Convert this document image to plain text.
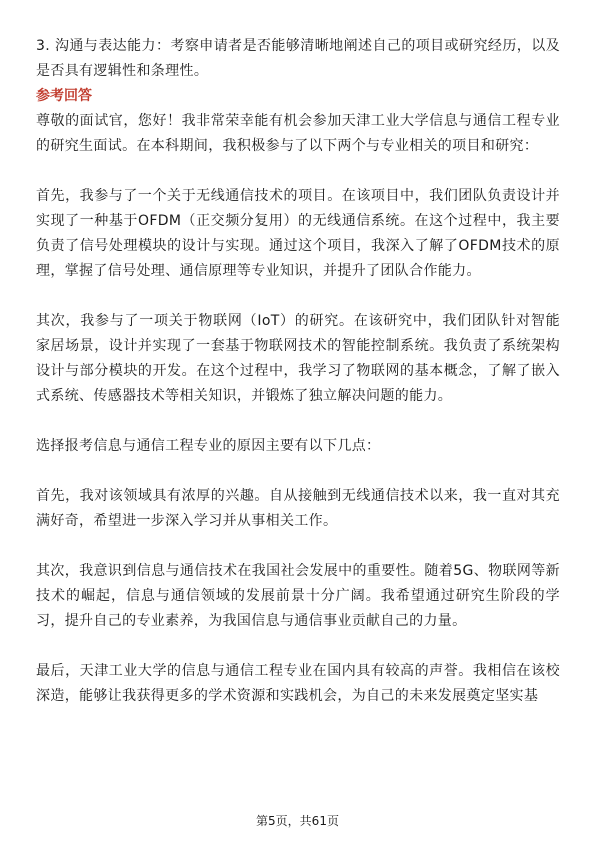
3. 沟通与表达能力：考察申请者是否能够清晰地阐述自己的项目或研究经历，以及是否具有逻辑性和条理性。

参考回答

尊敬的面试官，您好！我非常荣幸能有机会参加天津工业大学信息与通信工程专业的研究生面试。在本科期间，我积极参与了以下两个与专业相关的项目和研究：

首先，我参与了一个关于无线通信技术的项目。在该项目中，我们团队负责设计并实现了一种基于OFDM（正交频分复用）的无线通信系统。在这个过程中，我主要负责了信号处理模块的设计与实现。通过这个项目，我深入了解了OFDM技术的原理，掌握了信号处理、通信原理等专业知识，并提升了团队合作能力。

其次，我参与了一项关于物联网（IoT）的研究。在该研究中，我们团队针对智能家居场景，设计并实现了一套基于物联网技术的智能控制系统。我负责了系统架构设计与部分模块的开发。在这个过程中，我学习了物联网的基本概念，了解了嵌入式系统、传感器技术等相关知识，并锻炼了独立解决问题的能力。

选择报考信息与通信工程专业的原因主要有以下几点：

首先，我对该领域具有浓厚的兴趣。自从接触到无线通信技术以来，我一直对其充满好奇，希望进一步深入学习并从事相关工作。

其次，我意识到信息与通信技术在我国社会发展中的重要性。随着5G、物联网等新技术的崛起，信息与通信领域的发展前景十分广阔。我希望通过研究生阶段的学习，提升自己的专业素养，为我国信息与通信事业贡献自己的力量。

最后，天津工业大学的信息与通信工程专业在国内具有较高的声誉。我相信在该校深造，能够让我获得更多的学术资源和实践机会，为自己的未来发展奠定坚实基

第5页，共61页
